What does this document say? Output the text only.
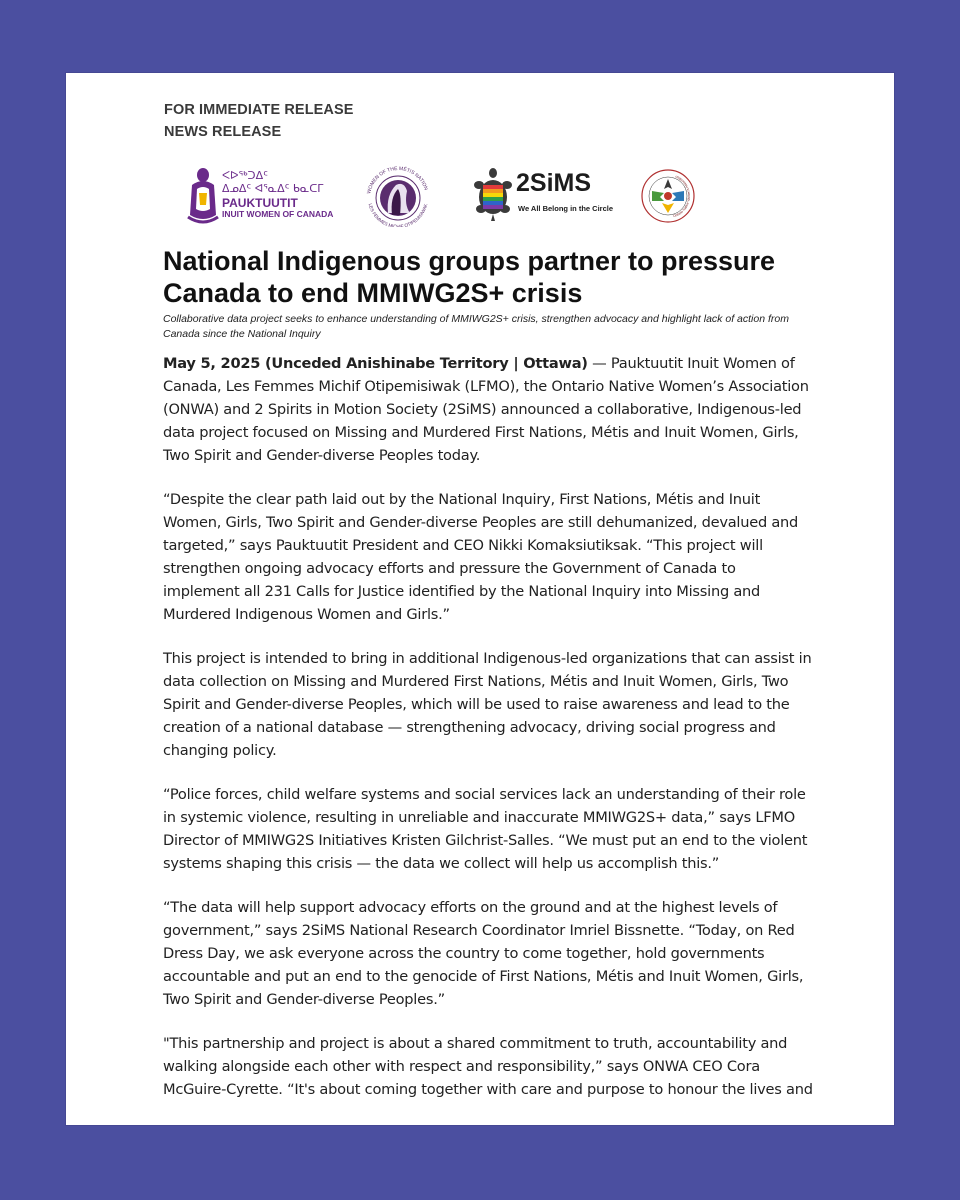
FOR IMMEDIATE RELEASE
NEWS RELEASE
ᐸᐅᖅᑐᐃᑦ
ᐃᓄᐃᑦ ᐊᕐᓇᐃᑦ ᑲᓇᑕᒥ
PAUKTUUTIT
INUIT WOMEN OF CANADA
WOMEN OF THE MÉTIS NATION
LES FEMMES MICHIF OTIPEMISIWAK
2SiMS
We All Belong in the Circle
Ontario Native Women's Association
National Indigenous groups partner to pressure Canada to end MMIWG2S+ crisis
Collaborative data project seeks to enhance understanding of MMIWG2S+ crisis, strengthen advocacy and highlight lack of action from Canada since the National Inquiry

May 5, 2025 (Unceded Anishinabe Territory | Ottawa) — Pauktuutit Inuit Women of Canada, Les Femmes Michif Otipemisiwak (LFMO), the Ontario Native Women’s Association (ONWA) and 2 Spirits in Motion Society (2SiMS) announced a collaborative, Indigenous-led data project focused on Missing and Murdered First Nations, Métis and Inuit Women, Girls, Two Spirit and Gender-diverse Peoples today.

“Despite the clear path laid out by the National Inquiry, First Nations, Métis and Inuit Women, Girls, Two Spirit and Gender-diverse Peoples are still dehumanized, devalued and targeted,” says Pauktuutit President and CEO Nikki Komaksiutiksak. “This project will strengthen ongoing advocacy efforts and pressure the Government of Canada to implement all 231 Calls for Justice identified by the National Inquiry into Missing and Murdered Indigenous Women and Girls.”

This project is intended to bring in additional Indigenous-led organizations that can assist in data collection on Missing and Murdered First Nations, Métis and Inuit Women, Girls, Two Spirit and Gender-diverse Peoples, which will be used to raise awareness and lead to the creation of a national database — strengthening advocacy, driving social progress and changing policy.

“Police forces, child welfare systems and social services lack an understanding of their role in systemic violence, resulting in unreliable and inaccurate MMIWG2S+ data,” says LFMO Director of MMIWG2S Initiatives Kristen Gilchrist-Salles. “We must put an end to the violent systems shaping this crisis — the data we collect will help us accomplish this.”

“The data will help support advocacy efforts on the ground and at the highest levels of government,” says 2SiMS National Research Coordinator Imriel Bissnette. “Today, on Red Dress Day, we ask everyone across the country to come together, hold governments accountable and put an end to the genocide of First Nations, Métis and Inuit Women, Girls, Two Spirit and Gender-diverse Peoples.”

"This partnership and project is about a shared commitment to truth, accountability and walking alongside each other with respect and responsibility,” says ONWA CEO Cora McGuire-Cyrette. “It's about coming together with care and purpose to honour the lives and
